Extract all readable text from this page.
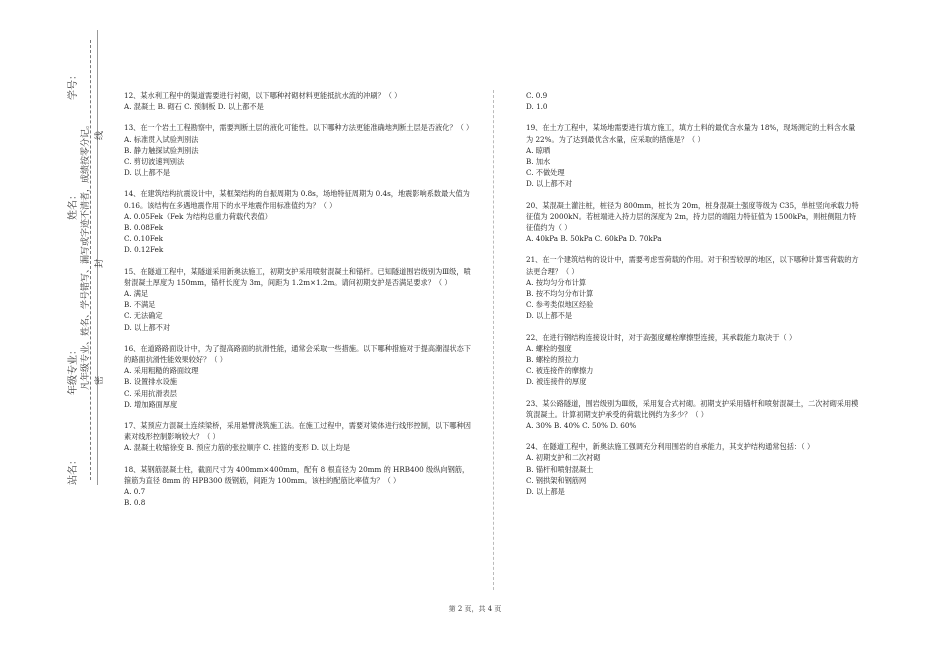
学号：
姓名：
年级专业：
站名：
凡年级专业、姓名、学号错写、漏写或字迹不清者，成绩按零分记。 线
封
密

12、某水利工程中的渠道需要进行衬砌，以下哪种衬砌材料更能抵抗水流的冲刷？（ ）

A. 混凝土 B. 砌石 C. 预制板 D. 以上都不是

13、在一个岩土工程勘察中，需要判断土层的液化可能性。以下哪种方法更能准确地判断土层是否液化？（ ）

A. 标准贯入试验判别法

B. 静力触探试验判别法

C. 剪切波速判别法

D. 以上都不是

14、在建筑结构抗震设计中，某框架结构的自振周期为 0.8s，场地特征周期为 0.4s，地震影响系数最大值为 0.16。该结构在多遇地震作用下的水平地震作用标准值约为？（ ）

A. 0.05Fek（Fek 为结构总重力荷载代表值）

B. 0.08Fek

C. 0.10Fek

D. 0.12Fek

15、在隧道工程中，某隧道采用新奥法施工，初期支护采用喷射混凝土和锚杆。已知隧道围岩级别为Ⅲ级，喷射混凝土厚度为 150mm，锚杆长度为 3m，间距为 1.2m×1.2m。请问初期支护是否满足要求？（ ）

A. 满足

B. 不满足

C. 无法确定

D. 以上都不对

16、在道路路面设计中，为了提高路面的抗滑性能，通常会采取一些措施。以下哪种措施对于提高潮湿状态下的路面抗滑性能效果较好？（ ）

A. 采用粗糙的路面纹理

B. 设置排水设施

C. 采用抗滑表层

D. 增加路面厚度

17、某预应力混凝土连续梁桥，采用悬臂浇筑施工法。在施工过程中，需要对梁体进行线形控制，以下哪种因素对线形控制影响较大？（ ）

A. 混凝土收缩徐变 B. 预应力筋的张拉顺序 C. 挂篮的变形 D. 以上均是

18、某钢筋混凝土柱，截面尺寸为 400mm×400mm，配有 8 根直径为 20mm 的 HRB400 级纵向钢筋，箍筋为直径 8mm 的 HPB300 级钢筋，间距为 100mm。该柱的配筋比率值为？（ ）

A. 0.7

B. 0.8

C. 0.9

D. 1.0

19、在土方工程中，某场地需要进行填方施工，填方土料的最优含水量为 18%，现场测定的土料含水量为 22%。为了达到最优含水量，应采取的措施是？（ ）

A. 晾晒

B. 加水

C. 不做处理

D. 以上都不对

20、某混凝土灌注桩，桩径为 800mm，桩长为 20m，桩身混凝土强度等级为 C35，单桩竖向承载力特征值为 2000kN。若桩端进入持力层的深度为 2m，持力层的端阻力特征值为 1500kPa，则桩侧阻力特征值约为（ ）

A. 40kPa B. 50kPa C. 60kPa D. 70kPa

21、在一个建筑结构的设计中，需要考虑雪荷载的作用。对于积雪较厚的地区，以下哪种计算雪荷载的方法更合理？（ ）

A. 按均匀分布计算

B. 按不均匀分布计算

C. 参考类似地区经验

D. 以上都不是

22、在进行钢结构连接设计时，对于高强度螺栓摩擦型连接，其承载能力取决于（ ）

A. 螺栓的强度

B. 螺栓的预拉力

C. 被连接件的摩擦力

D. 被连接件的厚度

23、某公路隧道，围岩级别为Ⅲ级，采用复合式衬砌。初期支护采用锚杆和喷射混凝土，二次衬砌采用模筑混凝土。计算初期支护承受的荷载比例约为多少？（ ）

A. 30% B. 40% C. 50% D. 60%

24、在隧道工程中，新奥法施工强调充分利用围岩的自承能力，其支护结构通常包括：（ ）

A. 初期支护和二次衬砌

B. 锚杆和喷射混凝土

C. 钢拱架和钢筋网

D. 以上都是

第 2 页，共 4 页
